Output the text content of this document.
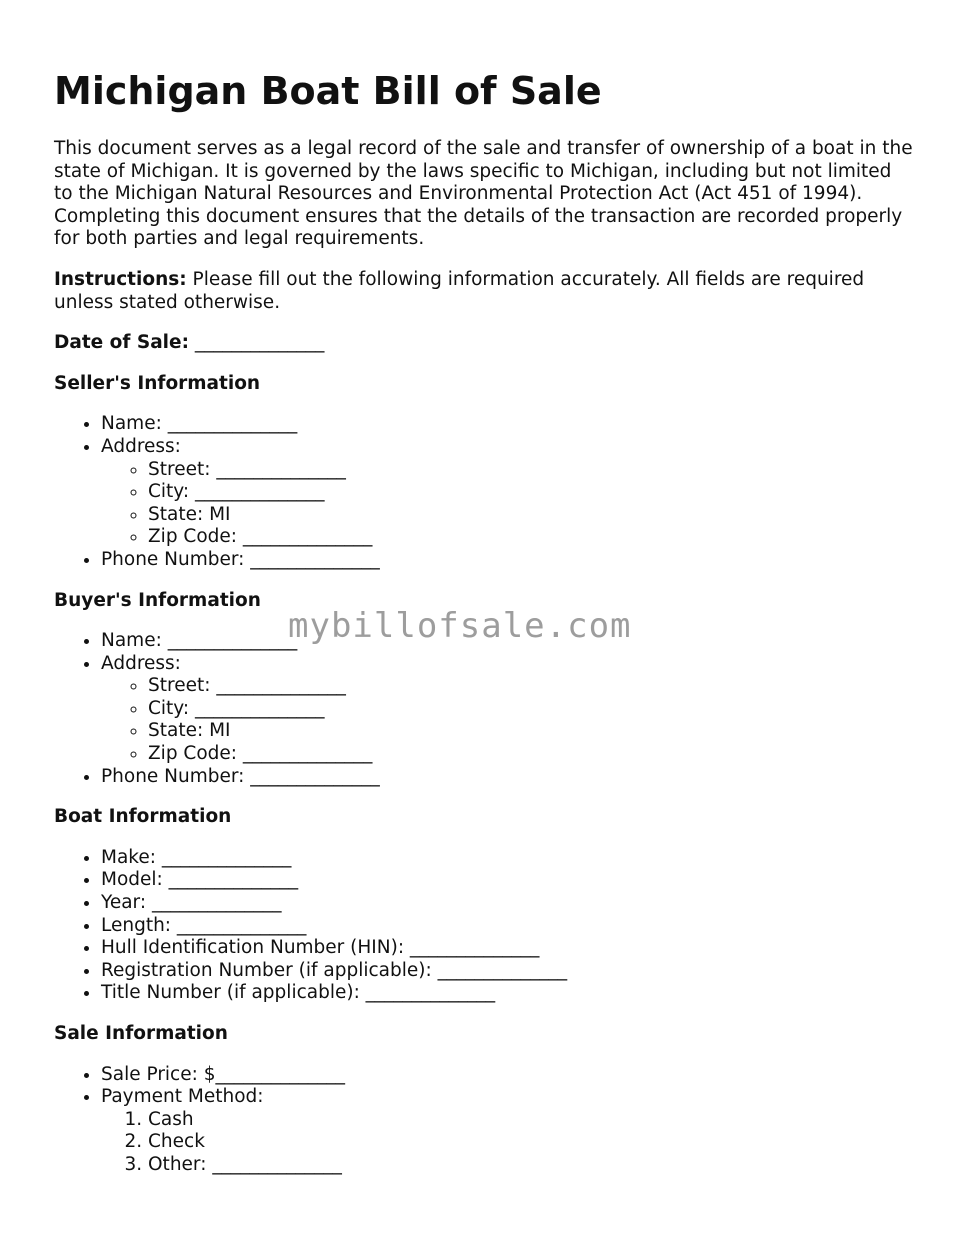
Michigan Boat Bill of Sale

This document serves as a legal record of the sale and transfer of ownership of a boat in the state of Michigan. It is governed by the laws specific to Michigan, including but not limited to the Michigan Natural Resources and Environmental Protection Act (Act 451 of 1994). Completing this document ensures that the details of the transaction are recorded properly for both parties and legal requirements.

Instructions: Please fill out the following information accurately. All fields are required unless stated otherwise.

Date of Sale: ______________

Seller's Information
• Name: ______________
• Address:
◦ Street: ______________
◦ City: ______________
◦ State: MI
◦ Zip Code: ______________
• Phone Number: ______________
Buyer's Information
• Name: ______________
• Address:
◦ Street: ______________
◦ City: ______________
◦ State: MI
◦ Zip Code: ______________
• Phone Number: ______________
Boat Information
• Make: ______________
• Model: ______________
• Year: ______________
• Length: ______________
• Hull Identification Number (HIN): ______________
• Registration Number (if applicable): ______________
• Title Number (if applicable): ______________
Sale Information
• Sale Price: $______________
• Payment Method:
1. Cash
2. Check
3. Other: ______________
mybillofsale.com
